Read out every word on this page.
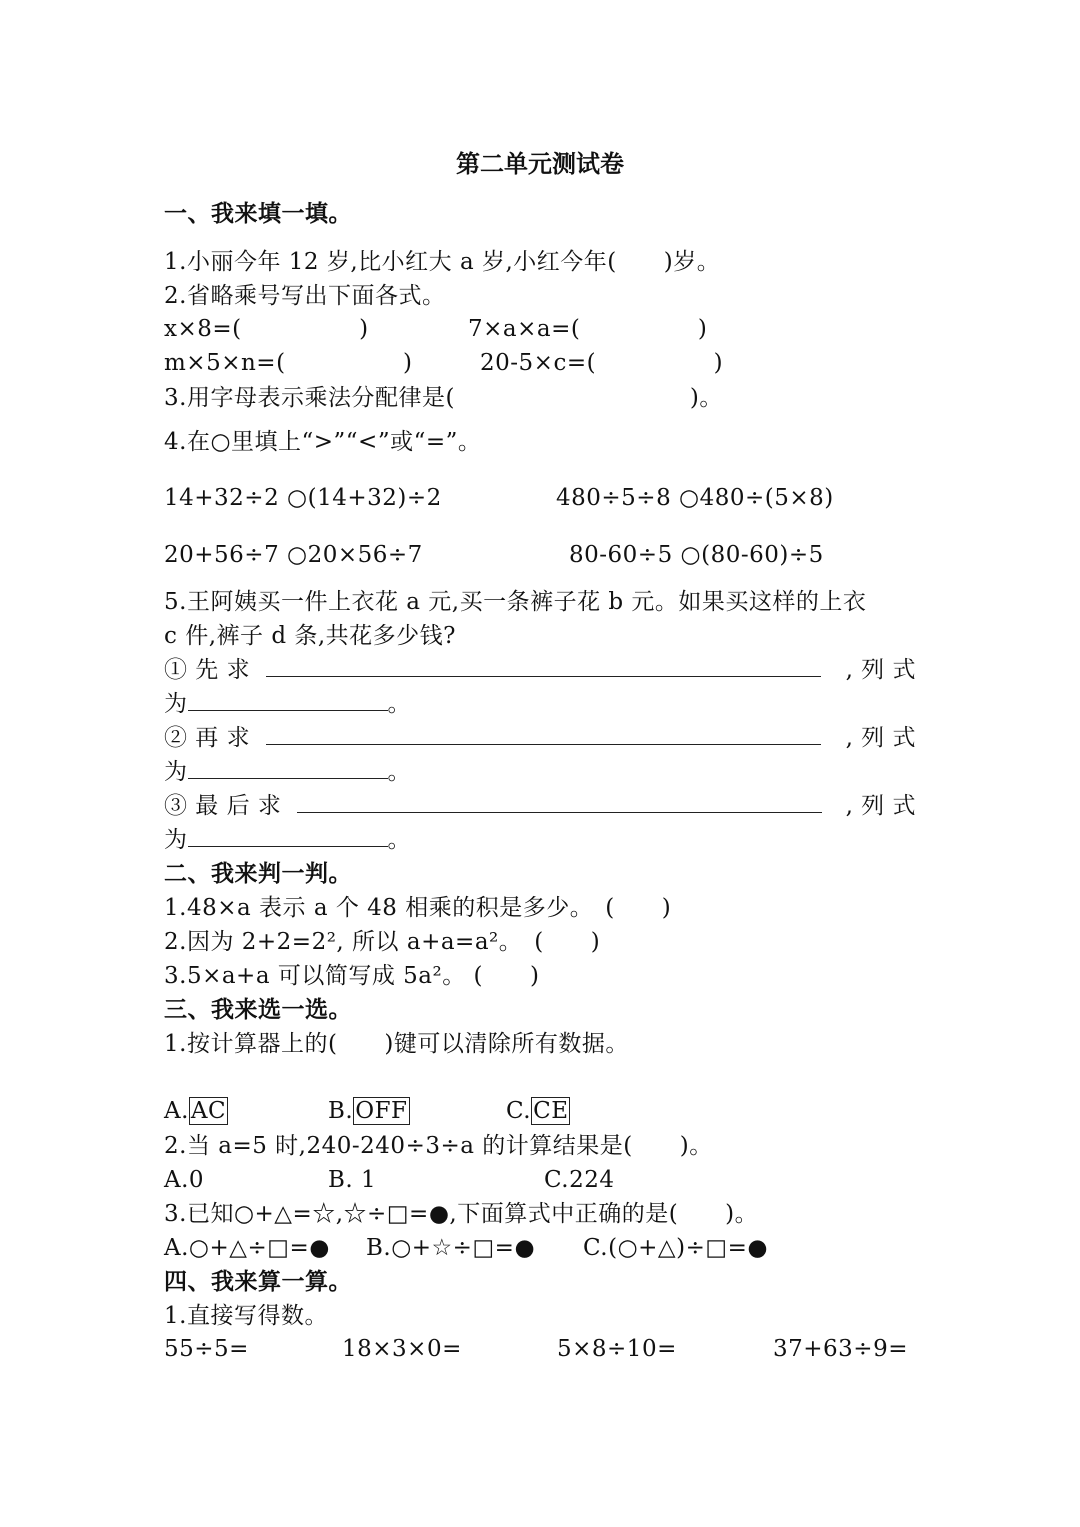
第二单元测试卷
一、我来填一填。
1.小丽今年 12 岁,比小红大 a 岁,小红今年(　　)岁。
2.省略乘号写出下面各式。
x×8=(　　　　　)	7×a×a=(　　　　　)
m×5×n=(　　　　　)	20-5×c=(　　　　　)
3.用字母表示乘法分配律是(　　　　　　　　　　)。
4.在○里填上“>”“<”或“=”。
14+32÷2 ○(14+32)÷2	480÷5÷8 ○480÷(5×8)
20+56÷7 ○20×56÷7	80-60÷5 ○(80-60)÷5
5.王阿姨买一件上衣花 a 元,买一条裤子花 b 元。如果买这样的上衣
c 件,裤子 d 条,共花多少钱?
① 先 求	, 列 式
为	。
② 再 求	, 列 式
为	。
③ 最 后 求	, 列 式
为	。
二、我来判一判。
1.48×a 表示 a 个 48 相乘的积是多少。　(　　)
2.因为 2+2=2², 所以 a+a=a²。　(　　)
3.5×a+a 可以简写成 5a²。 (　　)
三、我来选一选。
1.按计算器上的(　　)键可以清除所有数据。
A.AC	B.OFF	C.CE
2.当 a=5 时,240-240÷3÷a 的计算结果是(　　)。
A.0	B. 1	C.224
3.已知○+△=☆,☆÷□=●,下面算式中正确的是(　　)。
A.○+△÷□=● B.○+☆÷□=● C.(○+△)÷□=●
四、我来算一算。
1.直接写得数。
55÷5=	18×3×0=	5×8÷10=	37+63÷9=
